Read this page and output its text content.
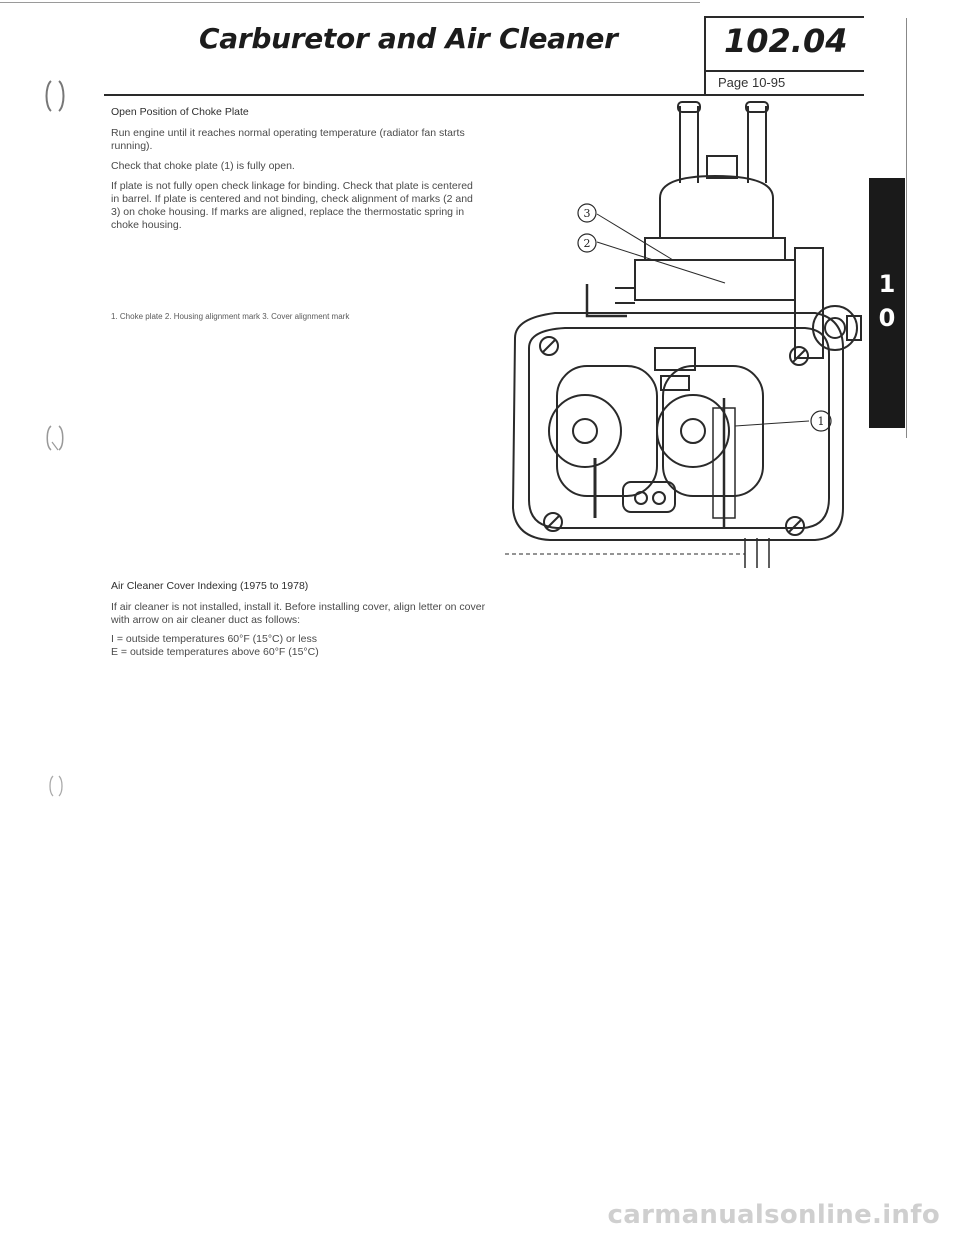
Carburetor and Air Cleaner	102.04
Page 10-95
Open Position of Choke Plate

Run engine until it reaches normal operating temperature (radiator fan starts running).

Check that choke plate (1) is fully open.

If plate is not fully open check linkage for binding. Check that plate is centered in barrel. If plate is centered and not binding, check alignment of marks (2 and 3) on choke housing. If marks are aligned, replace the thermostatic spring in choke housing.

1. Choke plate 2. Housing alignment mark 3. Cover alignment mark
3
2
1
Air Cleaner Cover Indexing (1975 to 1978)

If air cleaner is not installed, install it. Before installing cover, align letter on cover with arrow on air cleaner duct as follows:

I = outside temperatures 60°F (15°C) or less

E = outside temperatures above 60°F (15°C)

1
0
carmanualsonline.info
